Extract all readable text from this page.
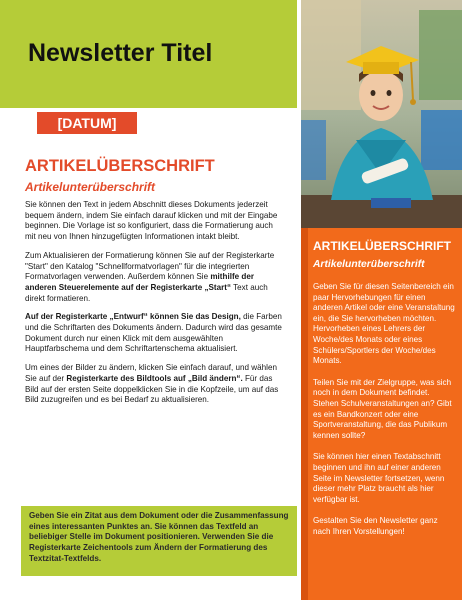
Newsletter Titel
[DATUM]
ARTIKELÜBERSCHRIFT
Artikelunterüberschrift

Sie können den Text in jedem Abschnitt dieses Dokuments jederzeit bequem ändern, indem Sie einfach darauf klicken und mit der Eingabe beginnen. Die Vorlage ist so konfiguriert, dass die Formatierung auch mit neu von Ihnen hinzugefügten Informationen intakt bleibt.

Zum Aktualisieren der Formatierung können Sie auf der Registerkarte "Start" den Katalog "Schnellformatvorlagen" für die integrierten Formatvorlagen verwenden. Außerdem können Sie mithilfe der anderen Steuerelemente auf der Registerkarte „Start“ Text auch direkt formatieren.

Auf der Registerkarte „Entwurf“ können Sie das Design, die Farben und die Schriftarten des Dokuments ändern. Dadurch wird das gesamte Dokument durch nur einen Klick mit dem ausgewählten Hauptfarbschema und dem Schriftartenschema aktualisiert.

Um eines der Bilder zu ändern, klicken Sie einfach darauf, und wählen Sie auf der Registerkarte des Bildtools auf „Bild ändern“. Für das Bild auf der ersten Seite doppelklicken Sie in die Kopfzeile, um auf das Bild zuzugreifen und es bei Bedarf zu aktualisieren.

Geben Sie ein Zitat aus dem Dokument oder die Zusammenfassung eines interessanten Punktes an. Sie können das Textfeld an beliebiger Stelle im Dokument positionieren. Verwenden Sie die Registerkarte Zeichentools zum Ändern der Formatierung des Textzitat-Textfelds.
ARTIKELÜBERSCHRIFT
Artikelunterüberschrift

Geben Sie für diesen Seitenbereich ein paar Hervorhebungen für einen anderen Artikel oder eine Veranstaltung ein, die Sie hervorheben möchten. Hervorheben eines Lehrers der Woche/des Monats oder eines Schülers/Sportlers der Woche/des Monats.

Teilen Sie mit der Zielgruppe, was sich noch in dem Dokument befindet. Stehen Schulveranstaltungen an? Gibt es ein Bandkonzert oder eine Sportveranstaltung, die das Publikum kennen sollte?

Sie können hier einen Textabschnitt beginnen und ihn auf einer anderen Seite im Newsletter fortsetzen, wenn dieser mehr Platz braucht als hier verfügbar ist.

Gestalten Sie den Newsletter ganz nach Ihren Vorstellungen!
